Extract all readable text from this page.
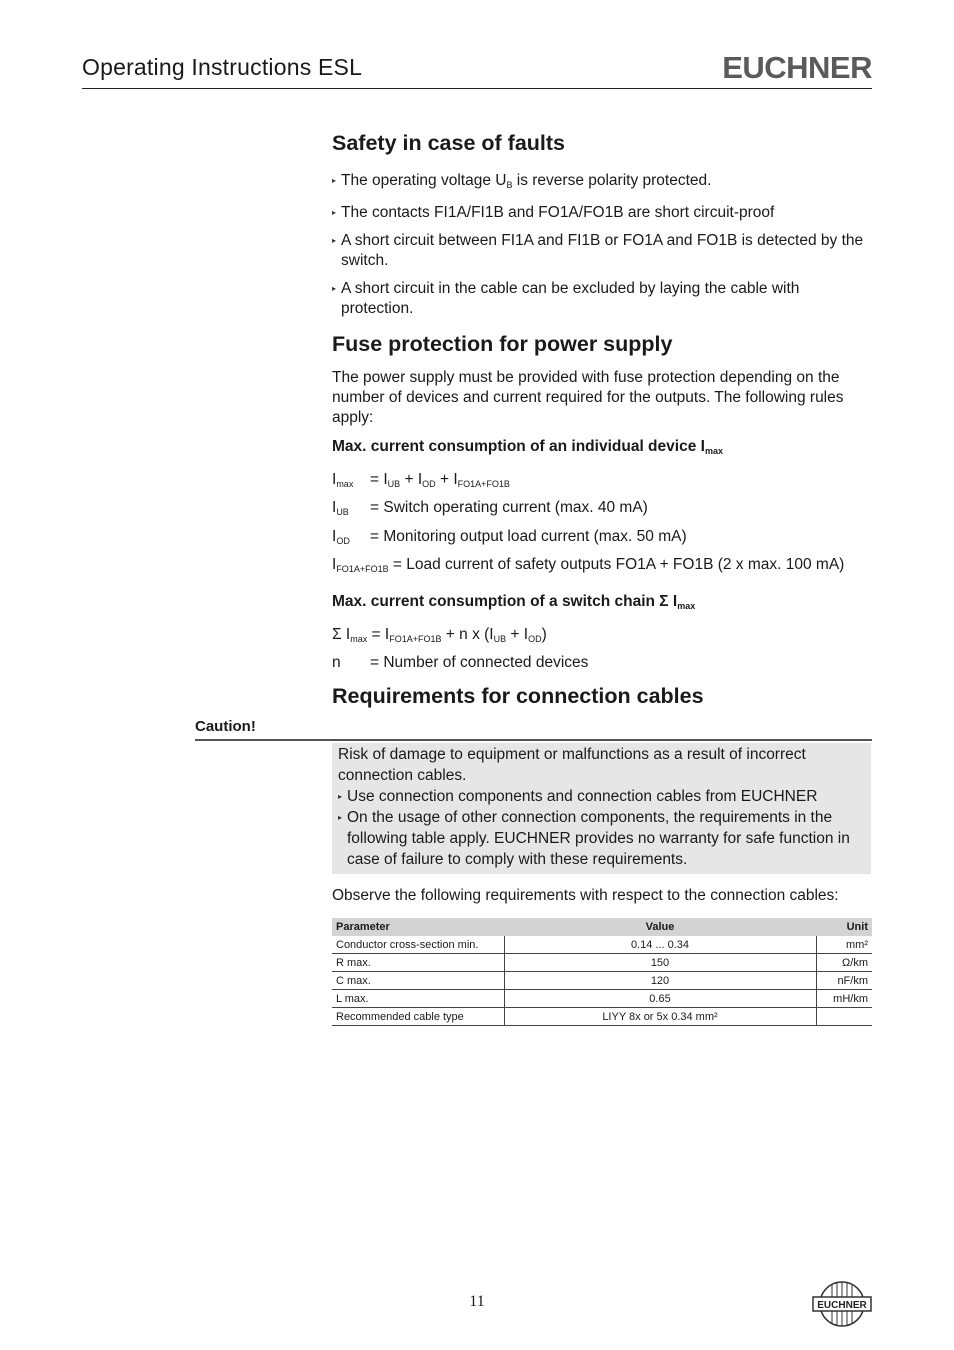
Operating Instructions ESL	EUCHNER
Safety in case of faults

▸ The operating voltage $U_B$ is reverse polarity protected.

▸ The contacts FI1A/FI1B and FO1A/FO1B are short circuit-proof

▸ A short circuit between FI1A and FI1B or FO1A and FO1B is detected by the switch.

▸ A short circuit in the cable can be excluded by laying the cable with protection.

Fuse protection for power supply

The power supply must be provided with fuse protection depending on the number of devices and current required for the outputs. The following rules apply:

Max. current consumption of an individual device $I_{max}$

$I_{max}$	= $I_{UB} + I_{OD} + I_{FO1A+FO1B}$
$I_{UB}$	= Switch operating current (max. 40 mA)
$I_{OD}$	= Monitoring output load current (max. 50 mA)
$I_{FO1A+FO1B}$ = Load current of safety outputs FO1A + FO1B (2 x max. 100 mA)

Max. current consumption of a switch chain Σ $I_{max}$

Σ $I_{max} = I_{FO1A+FO1B} + n$ x $(I_{UB} + I_{OD})$
n	= Number of connected devices
Requirements for connection cables
Caution!

Risk of damage to equipment or malfunctions as a result of incorrect connection cables.

▸ Use connection components and connection cables from EUCHNER

▸ On the usage of other connection components, the requirements in the following table apply. EUCHNER provides no warranty for safe function in case of failure to comply with these requirements.

Observe the following requirements with respect to the connection cables:
Parameter	Value	Unit
Conductor cross-section min.	0.14 ... 0.34	mm²
R max.	150	Ω/km
C max.	120	nF/km
L max.	0.65	mH/km
Recommended cable type	LIYY 8x or 5x 0.34 mm²	
11	EUCHNER
